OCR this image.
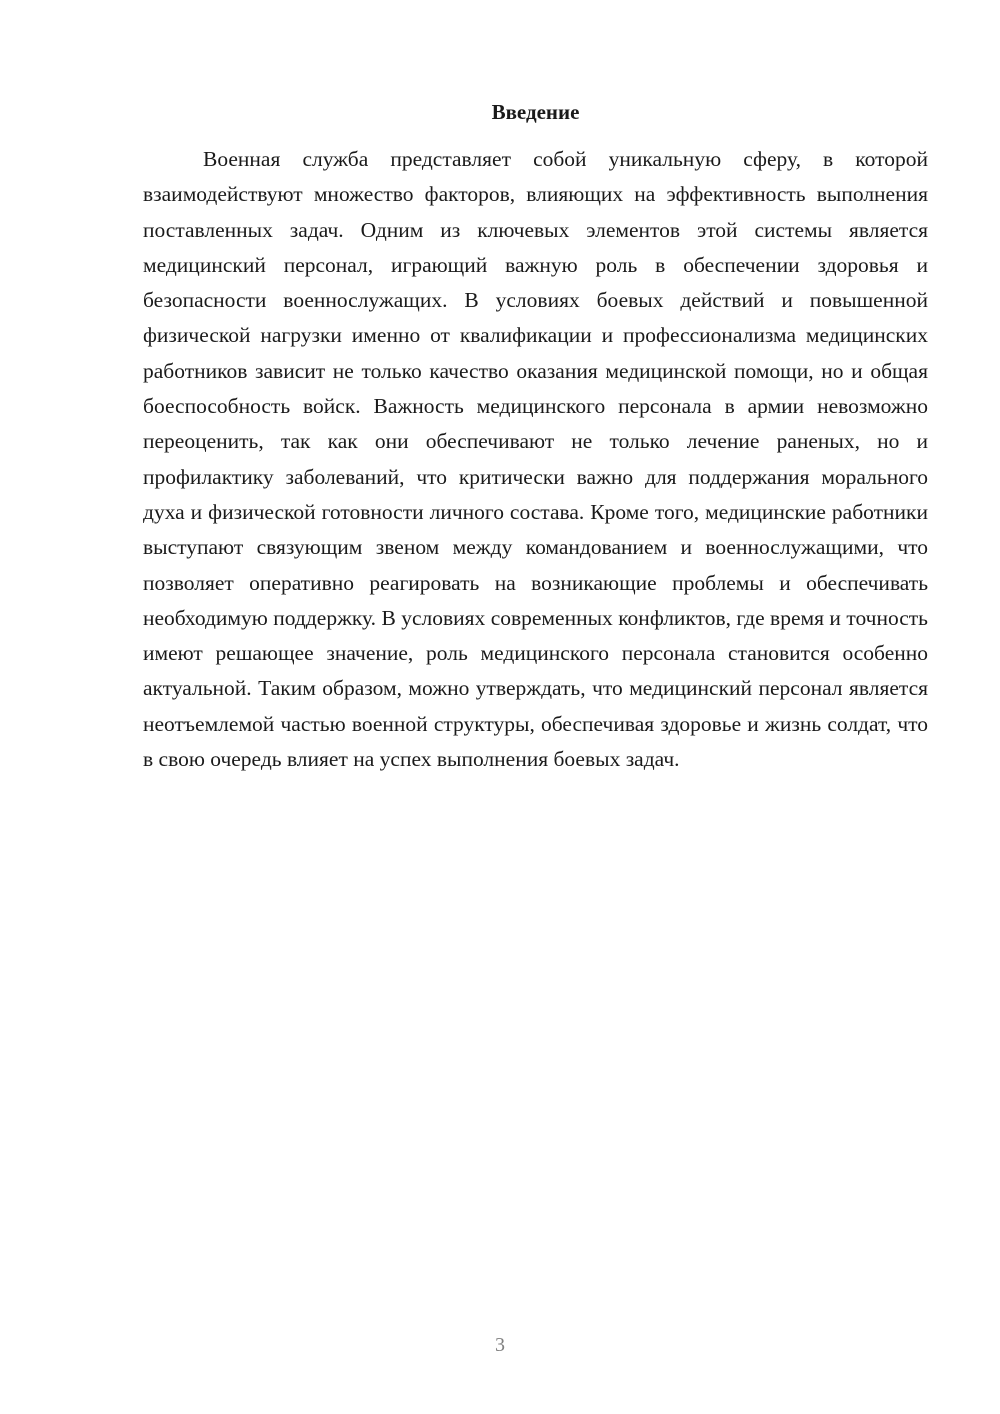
Введение

Военная служба представляет собой уникальную сферу, в которой взаимодействуют множество факторов, влияющих на эффективность выполнения поставленных задач. Одним из ключевых элементов этой системы является медицинский персонал, играющий важную роль в обеспечении здоровья и безопасности военнослужащих. В условиях боевых действий и повышенной физической нагрузки именно от квалификации и профессионализма медицинских работников зависит не только качество оказания медицинской помощи, но и общая боеспособность войск. Важность медицинского персонала в армии невозможно переоценить, так как они обеспечивают не только лечение раненых, но и профилактику заболеваний, что критически важно для поддержания морального духа и физической готовности личного состава. Кроме того, медицинские работники выступают связующим звеном между командованием и военнослужащими, что позволяет оперативно реагировать на возникающие проблемы и обеспечивать необходимую поддержку. В условиях современных конфликтов, где время и точность имеют решающее значение, роль медицинского персонала становится особенно актуальной. Таким образом, можно утверждать, что медицинский персонал является неотъемлемой частью военной структуры, обеспечивая здоровье и жизнь солдат, что в свою очередь влияет на успех выполнения боевых задач.

3
